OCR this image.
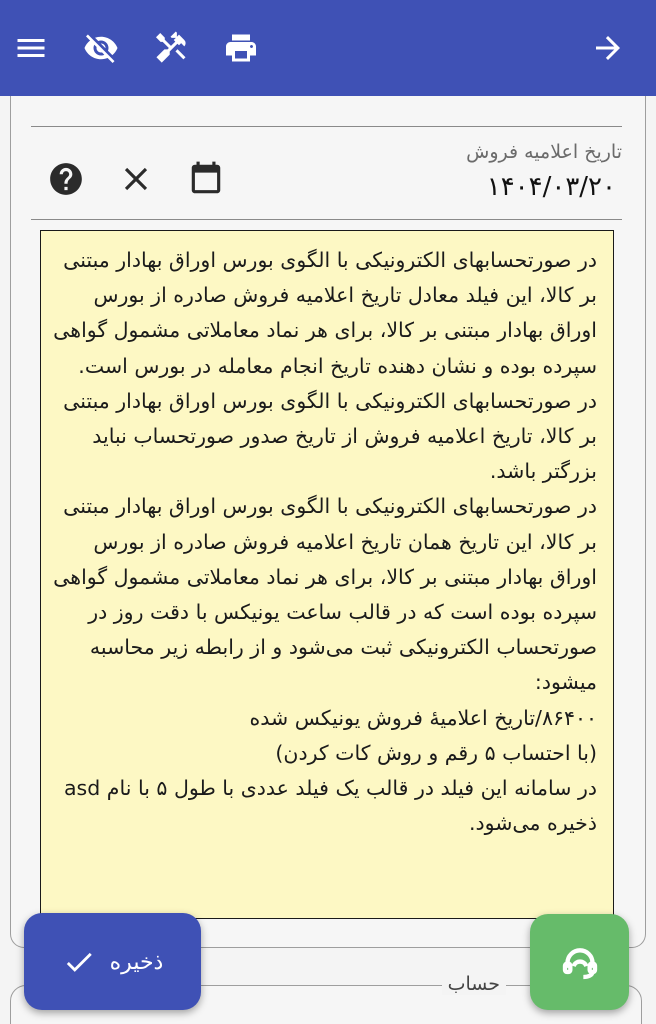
تاریخ اعلامیه فروش
۱۴۰۴/۰۳/۲۰

در صورتحسابهای الکترونیکی با الگوی بورس اوراق بهادار مبتنی بر کالا، این فیلد معادل تاریخ اعلامیه فروش صادره از بورس اوراق بهادار مبتنی بر کالا، برای هر نماد معاملاتی مشمول گواهی سپرده بوده و نشان دهنده تاریخ انجام معامله در بورس است.

در صورتحسابهای الکترونیکی با الگوی بورس اوراق بهادار مبتنی بر کالا، تاریخ اعلامیه فروش از تاریخ صدور صورتحساب نباید بزرگتر باشد.

در صورتحسابهای الکترونیکی با الگوی بورس اوراق بهادار مبتنی بر کالا، این تاریخ همان تاریخ اعلامیه فروش صادره از بورس اوراق بهادار مبتنی بر کالا، برای هر نماد معاملاتی مشمول گواهی سپرده بوده است که در قالب ساعت یونیکس با دقت روز در صورتحساب الکترونیکی ثبت می‌شود و از رابطه زیر محاسبه میشود:

۸۶۴۰۰/تاریخ اعلامیهٔ فروش یونیکس شده

(با احتساب ۵ رقم و روش کات کردن)

در سامانه این فیلد در قالب یک فیلد عددی با طول ۵ با نام asd ذخیره می‌شود.

حساب
ذخیره
